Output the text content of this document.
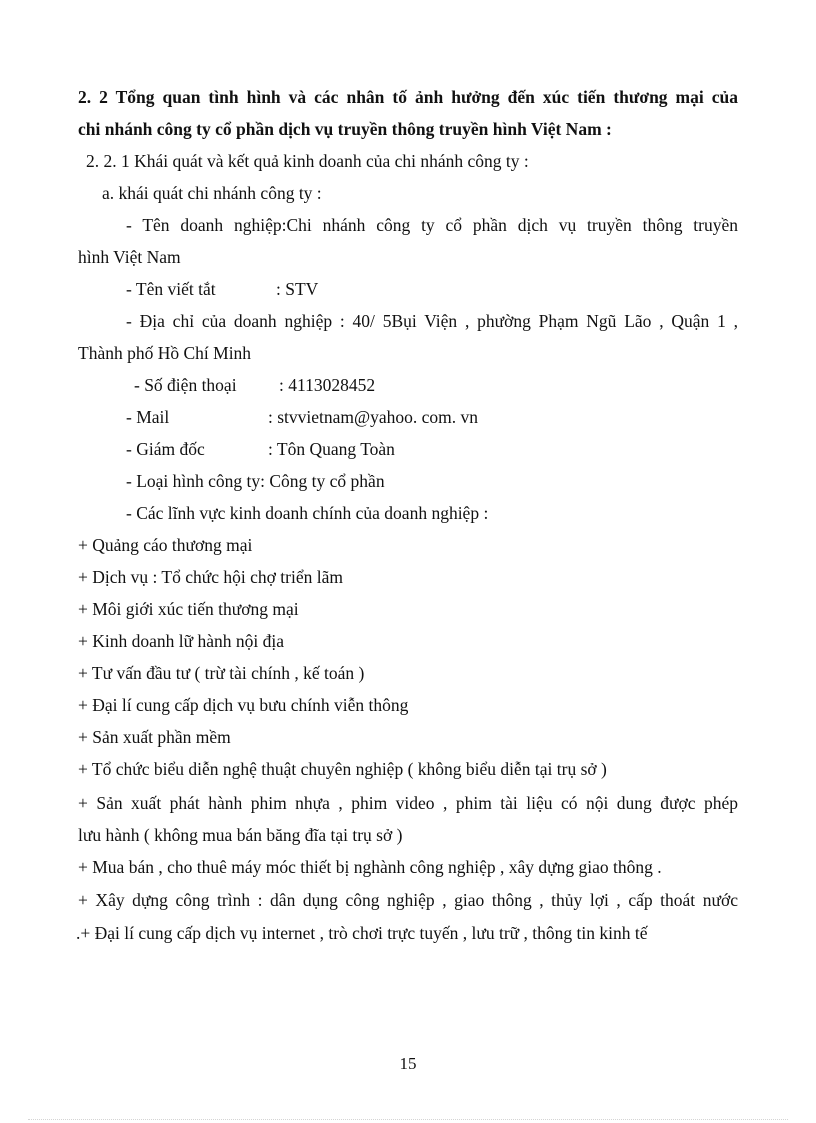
2. 2 Tổng quan tình hình và các nhân tố ảnh hưởng đến xúc tiến thương mại của
chi nhánh công ty cổ phần dịch vụ truyền thông truyền hình Việt Nam :
2. 2. 1 Khái quát và kết quả kinh doanh của chi nhánh công ty :
a. khái quát chi nhánh công ty :
- Tên doanh nghiệp:Chi nhánh công ty cổ phần dịch vụ truyền thông truyền
hình Việt Nam
- Tên viết tắt	: STV
- Địa chỉ của doanh nghiệp : 40/ 5Bụi Viện , phường Phạm Ngũ Lão , Quận 1 ,
Thành phố Hồ Chí Minh
- Số điện thoại : 4113028452
- Mail	: stvvietnam@yahoo. com. vn
- Giám đốc	: Tôn Quang Toàn
- Loại hình công ty: Công ty cổ phần
- Các lĩnh vực kinh doanh chính của doanh nghiệp :
+ Quảng cáo thương mại
+ Dịch vụ : Tổ chức hội chợ triển lãm
+ Môi giới xúc tiến thương mại
+ Kinh doanh lữ hành nội địa
+ Tư vấn đầu tư ( trừ tài chính , kế toán )
+ Đại lí cung cấp dịch vụ bưu chính viễn thông
+ Sản xuất phần mềm
+ Tổ chức biểu diễn nghệ thuật chuyên nghiệp ( không biểu diễn tại trụ sở )
+ Sản xuất phát hành phim nhựa , phim video , phim tài liệu có nội dung được phép
lưu hành ( không mua bán băng đĩa tại trụ sở )
+ Mua bán , cho thuê máy móc thiết bị nghành công nghiệp , xây dựng giao thông .
+ Xây dựng công trình : dân dụng công nghiệp , giao thông , thủy lợi , cấp thoát nước
.+ Đại lí cung cấp dịch vụ internet , trò chơi trực tuyến , lưu trữ , thông tin kinh tế
15
